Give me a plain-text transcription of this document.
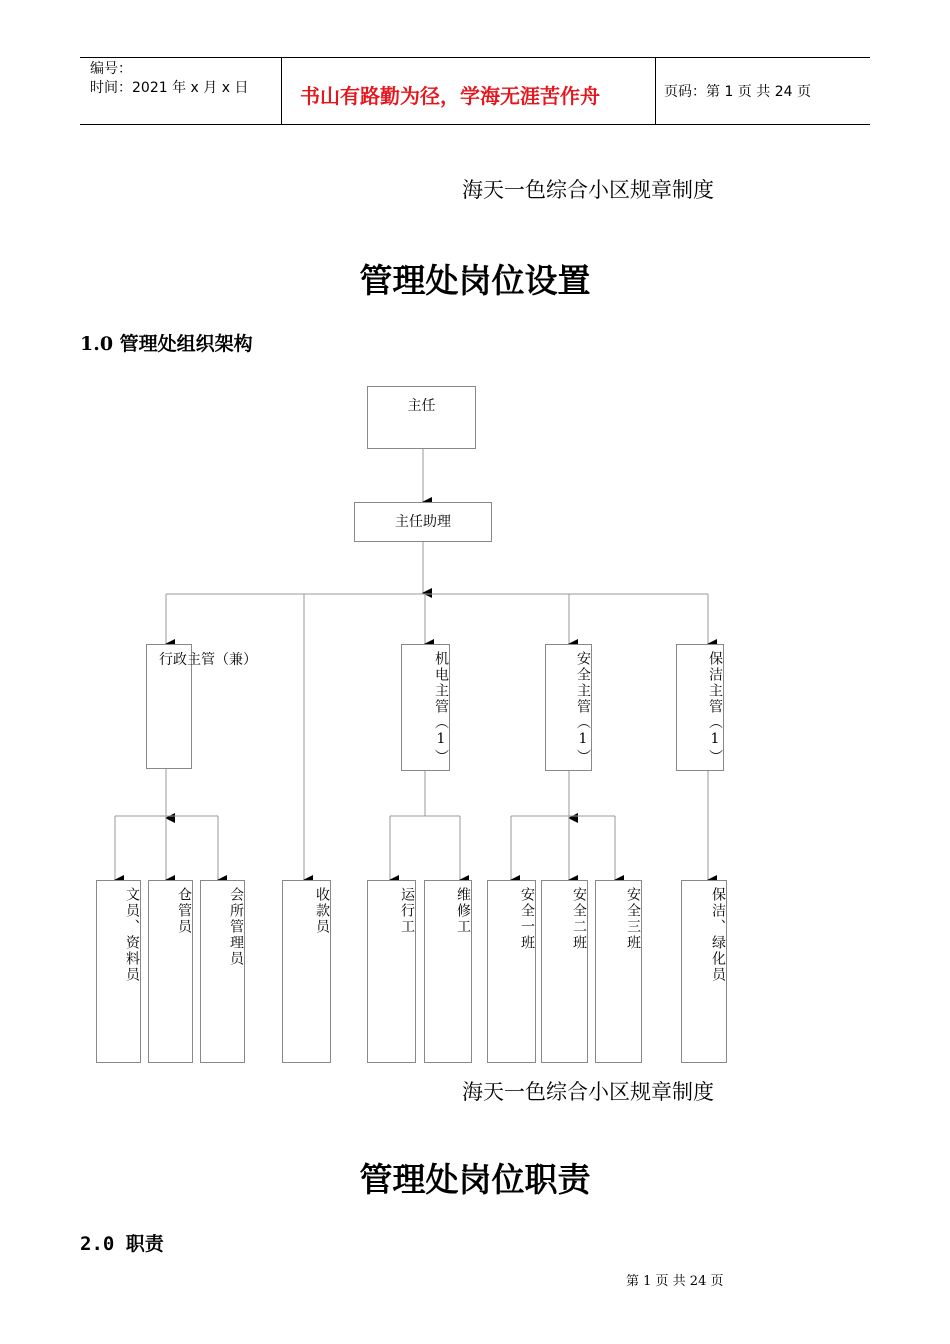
编号：
时间：2021 年 x 月 x 日	书山有路勤为径，学海无涯苦作舟	页码：第 1 页 共 24 页
海天一色综合小区规章制度
管理处岗位设置
1.0 管理处组织架构
主任
主任助理
行政主管（兼）	机电主管（1）	安全主管（1）	保洁主管（1）
文员、资料员	仓管员	会所管理员	收款员	运行工	维修工	安全一班	安全二班	安全三班	保洁、绿化员
海天一色综合小区规章制度
管理处岗位职责
2.0 职责
第 1 页 共 24 页
